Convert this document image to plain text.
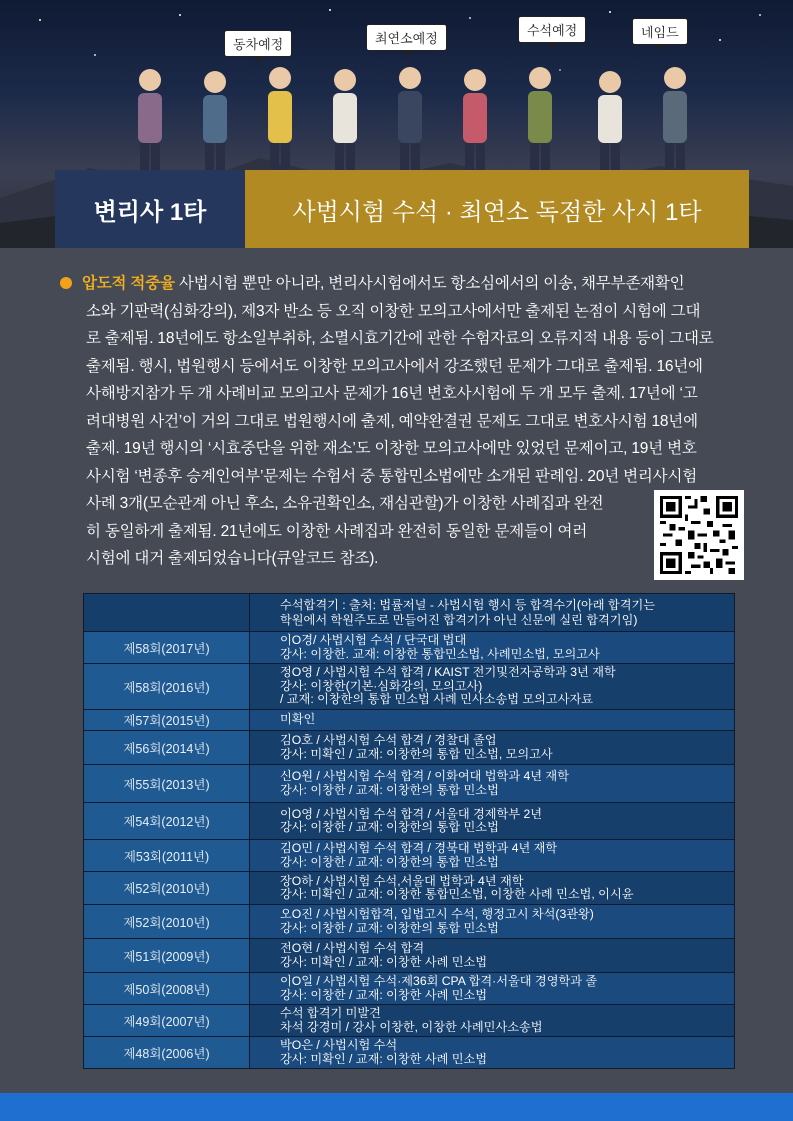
동차예정	최연소예정
수석예정	네임드
변리사 1타	사법시험 수석 · 최연소 독점한 사시 1타

압도적 적중율 사법시험 뿐만 아니라, 변리사시험에서도 항소심에서의 이송, 채무부존재확인
소와 기판력(심화강의), 제3자 반소 등 오직 이창한 모의고사에서만 출제된 논점이 시험에 그대
로 출제됨. 18년에도 항소일부취하, 소멸시효기간에 관한 수험자료의 오류지적 내용 등이 그대로
출제됨. 행시, 법원행시 등에서도 이창한 모의고사에서 강조했던 문제가 그대로 출제됨. 16년에
사해방지참가 두 개 사례비교 모의고사 문제가 16년 변호사시험에 두 개 모두 출제. 17년에 ‘고
려대병원 사건’이 거의 그대로 법원행시에 출제, 예약완결권 문제도 그대로 변호사시험 18년에
출제. 19년 행시의 ‘시효중단을 위한 재소’도 이창한 모의고사에만 있었던 문제이고, 19년 변호
사시험 ‘변종후 승계인여부’문제는 수험서 중 통합민소법에만 소개된 판례임. 20년 변리사시험
사례 3개(모순관계 아닌 후소, 소유권확인소, 재심관할)가 이창한 사례집과 완전
히 동일하게 출제됨. 21년에도 이창한 사례집과 완전히 동일한 문제들이 여러
시험에 대거 출제되었습니다(큐알코드 참조).

	수석합격기 : 출처: 법률저널 - 사법시험 행시 등 합격수기(아래 합격기는
학원에서 학원주도로 만들어진 합격기가 아닌 신문에 실린 합격기임)

제58회(2017년)	이O경/ 사법시험 수석 / 단국대 법대
강사: 이창한. 교재: 이창한 통합민소법, 사례민소법, 모의고사

제58회(2016년)	정O영 / 사법시험 수석 합격 / KAIST 전기및전자공학과 3년 재학
강사: 이창한(기본·심화강의, 모의고사)
/ 교재: 이창한의 통합 민소법 사례 민사소송법 모의고사자료

제57회(2015년)	미확인

제56회(2014년)	김O호 / 사법시험 수석 합격 / 경찰대 졸업
강사: 미확인 / 교재: 이창한의 통합 민소법, 모의고사

제55회(2013년)	신O원 / 사법시험 수석 합격 / 이화여대 법학과 4년 재학
강사: 이창한 / 교재: 이창한의 통합 민소법

제54회(2012년)	이O영 / 사법시험 수석 합격 / 서울대 경제학부 2년
강사: 이창한 / 교재: 이창한의 통합 민소법

제53회(2011년)	김O민 / 사법시험 수석 합격 / 경북대 법학과 4년 재학
강사: 이창한 / 교재: 이창한의 통합 민소법

제52회(2010년)	장O하 / 사법시험 수석,서울대 법학과 4년 재학
강사: 미확인 / 교재: 이창한 통합민소법, 이창한 사례 민소법, 이시윤

제52회(2010년)	오O진 / 사법시험합격, 입법고시 수석, 행정고시 차석(3관왕)
강사: 이창한 / 교재: 이창한의 통합 민소법

제51회(2009년)	전O현 / 사법시험 수석 합격
강사: 미확인 / 교재: 이창한 사례 민소법

제50회(2008년)	이O일 / 사법시험 수석·제36회 CPA 합격·서울대 경영학과 졸
강사: 이창한 / 교재: 이창한 사례 민소법

제49회(2007년)	수석 합격기 미발견
차석 강경미 / 강사 이창한, 이창한 사례민사소송법

제48회(2006년)	박O은 / 사법시험 수석
강사: 미확인 / 교재: 이창한 사례 민소법
